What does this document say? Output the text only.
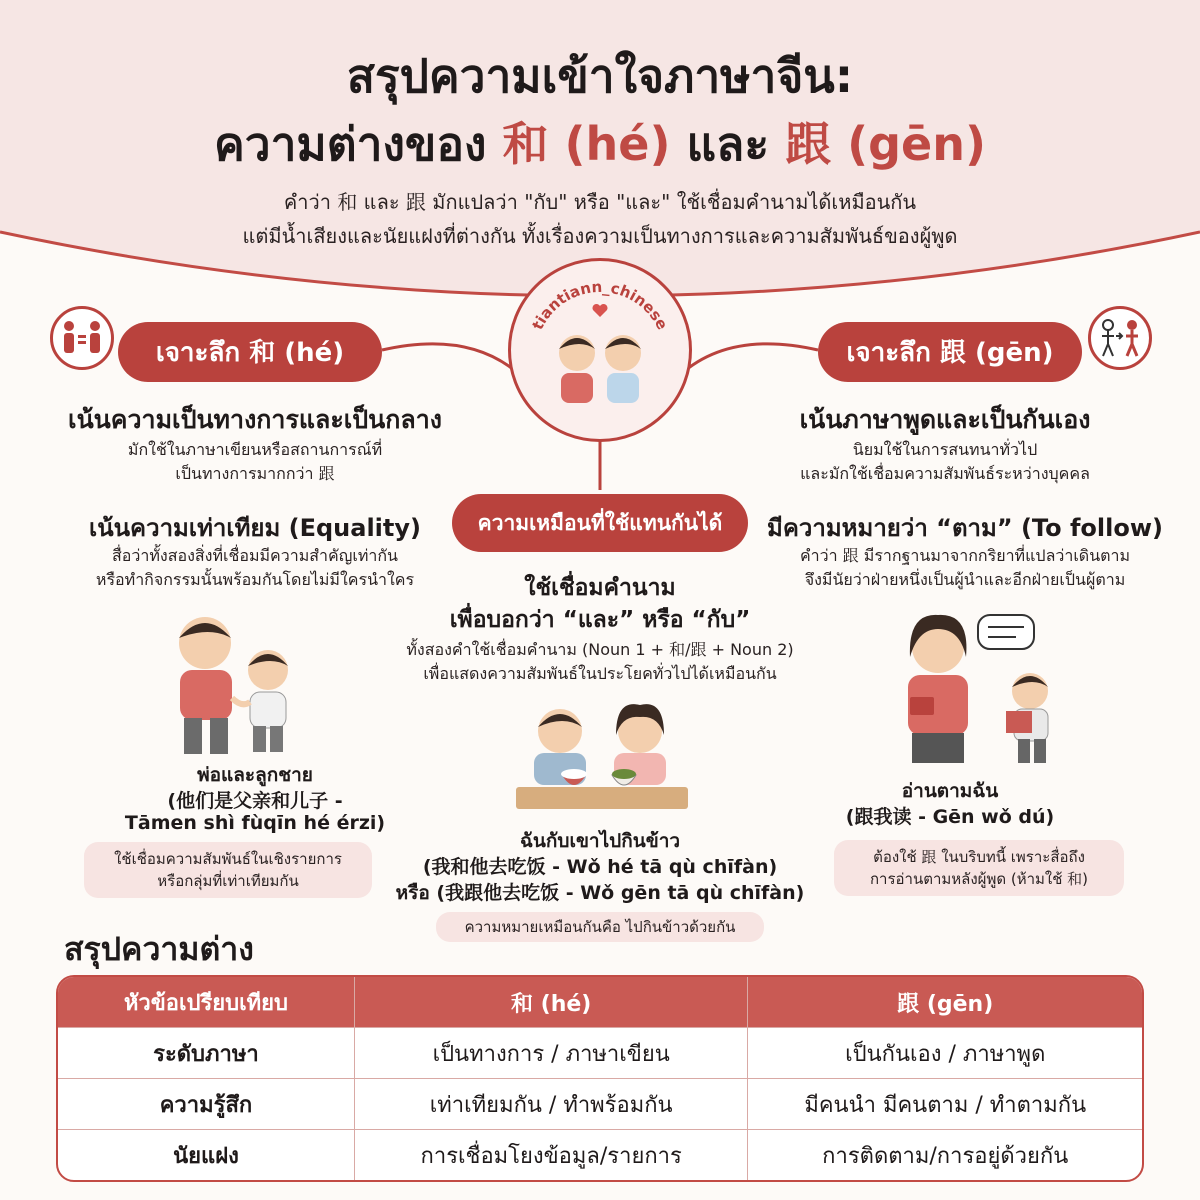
สรุปความเข้าใจภาษาจีน:
ความต่างของ 和 (hé) และ 跟 (gēn)
คำว่า 和 และ 跟 มักแปลว่า "กับ" หรือ "และ" ใช้เชื่อมคำนามได้เหมือนกัน
แต่มีน้ำเสียงและนัยแฝงที่ต่างกัน ทั้งเรื่องความเป็นทางการและความสัมพันธ์ของผู้พูด
tiantiann_chinese
เจาะลึก 和 (hé)
เน้นความเป็นทางการและเป็นกลาง
มักใช้ในภาษาเขียนหรือสถานการณ์ที่
เป็นทางการมากกว่า 跟
เน้นความเท่าเทียม (Equality)
สื่อว่าทั้งสองสิ่งที่เชื่อมมีความสำคัญเท่ากัน
หรือทำกิจกรรมนั้นพร้อมกันโดยไม่มีใครนำใคร
พ่อและลูกชาย
(他们是父亲和儿子 -
Tāmen shì fùqīn hé érzi)
ใช้เชื่อมความสัมพันธ์ในเชิงรายการ
หรือกลุ่มที่เท่าเทียมกัน
ความเหมือนที่ใช้แทนกันได้
ใช้เชื่อมคำนาม
เพื่อบอกว่า “และ” หรือ “กับ”
ทั้งสองคำใช้เชื่อมคำนาม (Noun 1 + 和/跟 + Noun 2)
เพื่อแสดงความสัมพันธ์ในประโยคทั่วไปได้เหมือนกัน
ฉันกับเขาไปกินข้าว
(我和他去吃饭 - Wǒ hé tā qù chīfàn)
หรือ (我跟他去吃饭 - Wǒ gēn tā qù chīfàn)
ความหมายเหมือนกันคือ ไปกินข้าวด้วยกัน
เจาะลึก 跟 (gēn)
เน้นภาษาพูดและเป็นกันเอง
นิยมใช้ในการสนทนาทั่วไป
และมักใช้เชื่อมความสัมพันธ์ระหว่างบุคคล
มีความหมายว่า “ตาม” (To follow)
คำว่า 跟 มีรากฐานมาจากกริยาที่แปลว่าเดินตาม
จึงมีนัยว่าฝ่ายหนึ่งเป็นผู้นำและอีกฝ่ายเป็นผู้ตาม
อ่านตามฉัน
(跟我读 - Gēn wǒ dú)
ต้องใช้ 跟 ในบริบทนี้ เพราะสื่อถึง
การอ่านตามหลังผู้พูด (ห้ามใช้ 和)
สรุปความต่าง
หัวข้อเปรียบเทียบ	和 (hé)	跟 (gēn)
ระดับภาษา	เป็นทางการ / ภาษาเขียน	เป็นกันเอง / ภาษาพูด
ความรู้สึก	เท่าเทียมกัน / ทำพร้อมกัน	มีคนนำ มีคนตาม / ทำตามกัน
นัยแฝง	การเชื่อมโยงข้อมูล/รายการ	การติดตาม/การอยู่ด้วยกัน
